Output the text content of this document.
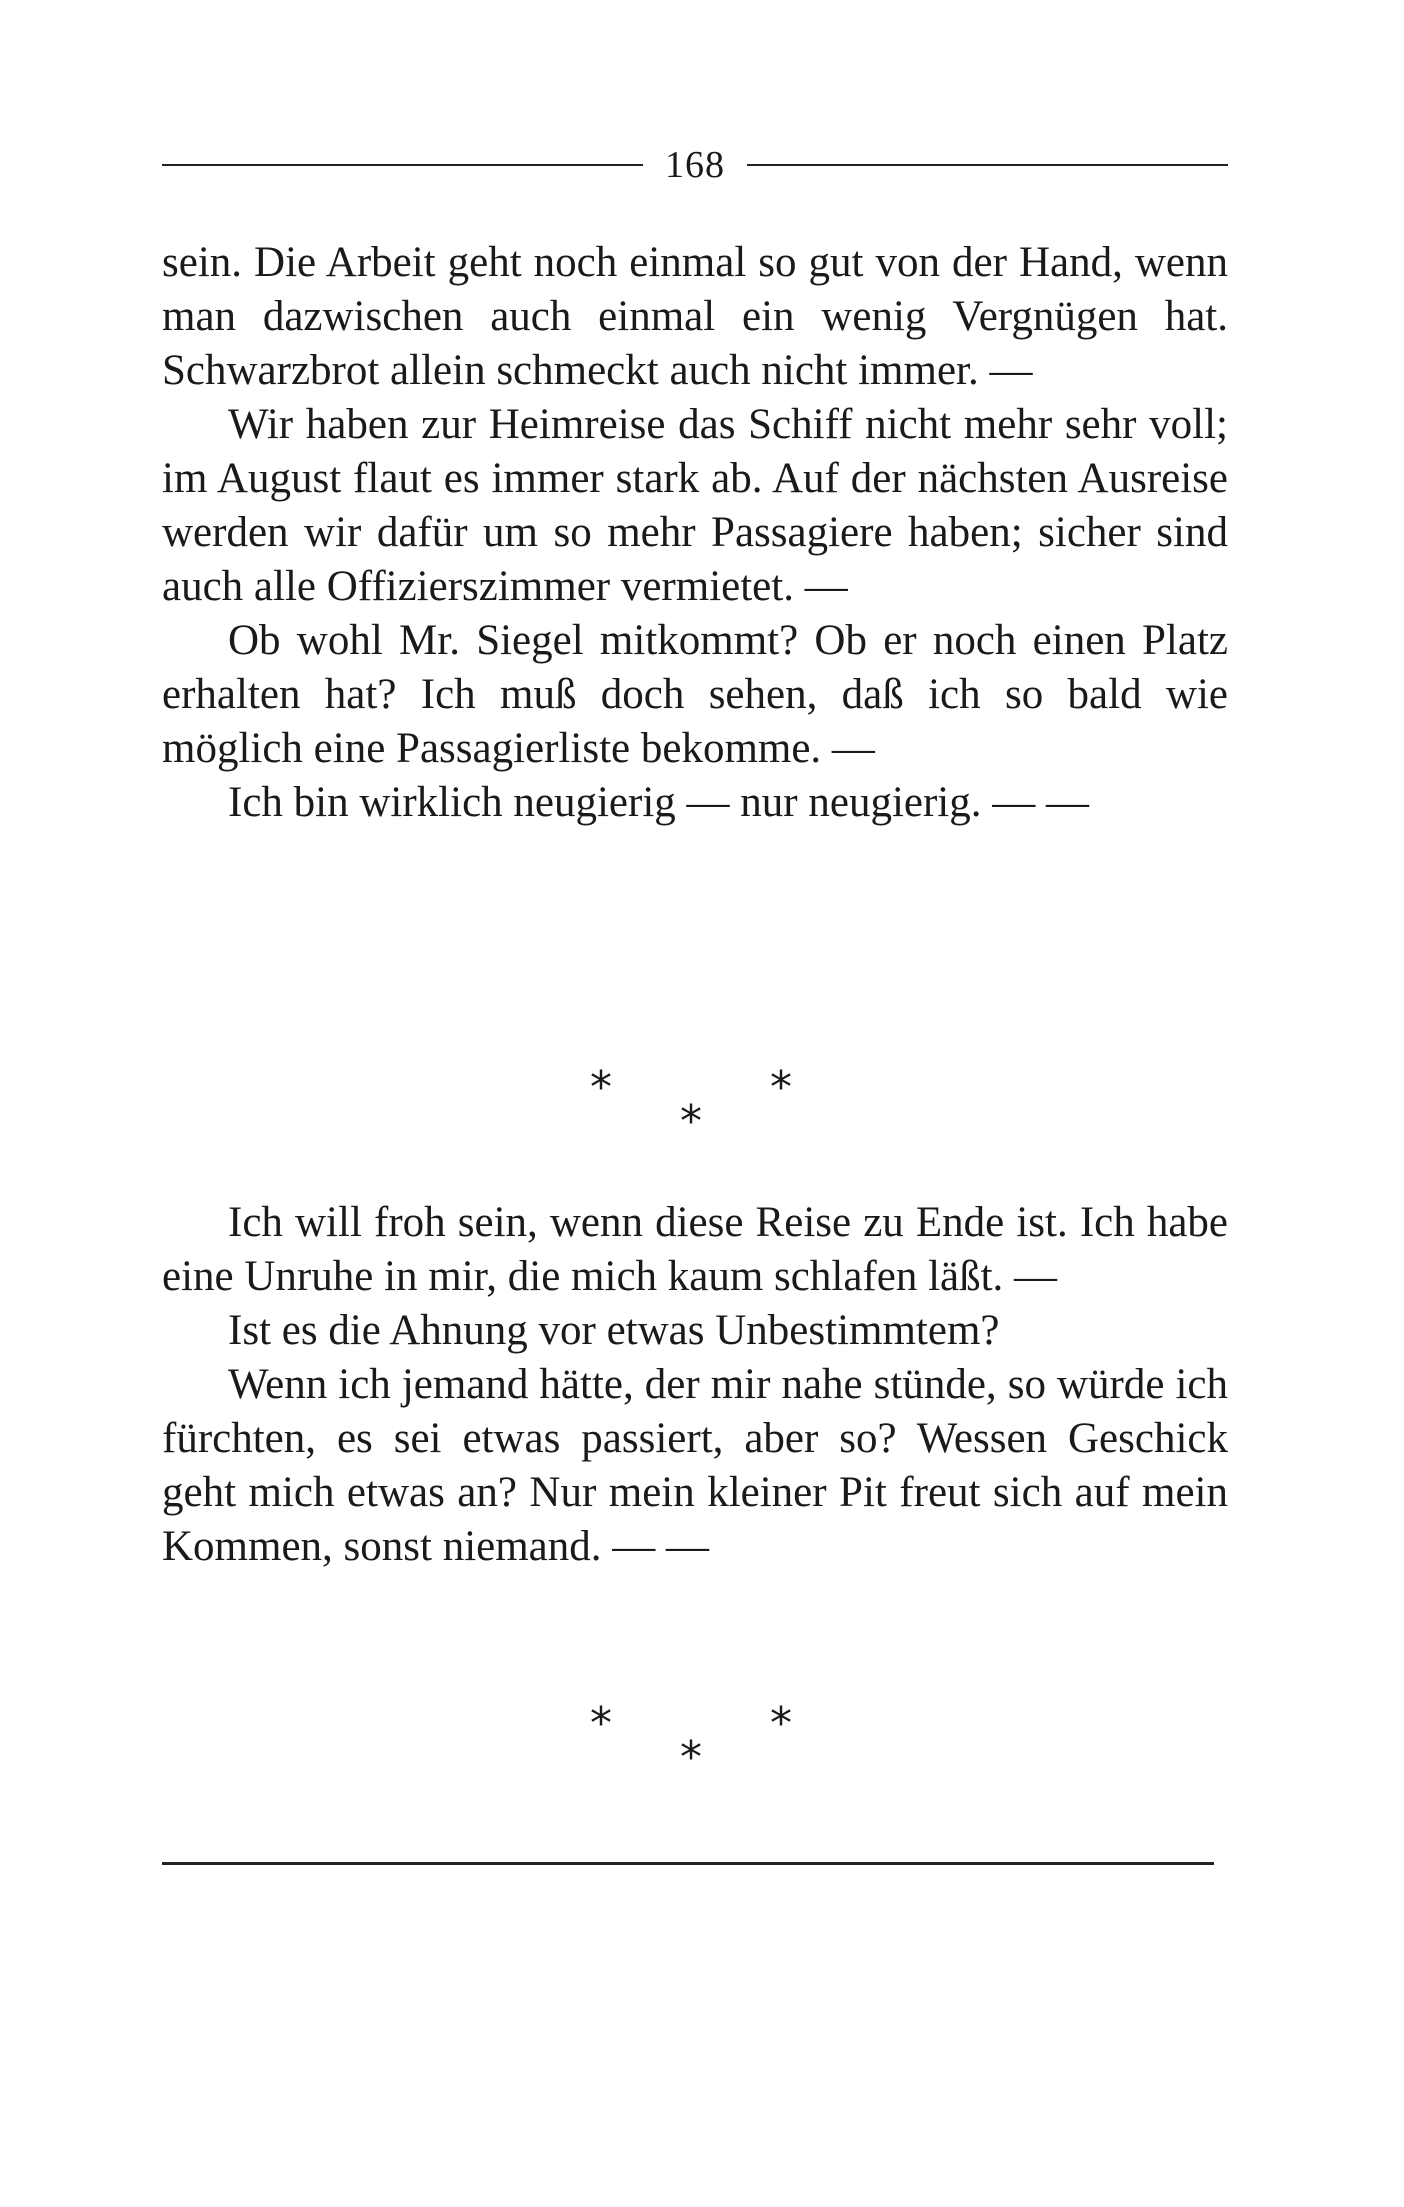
168

sein. Die Arbeit geht noch einmal so gut von der Hand, wenn man dazwischen auch einmal ein wenig Vergnügen hat. Schwarzbrot allein schmeckt auch nicht immer. —

Wir haben zur Heimreise das Schiff nicht mehr sehr voll; im August flaut es immer stark ab. Auf der nächsten Ausreise werden wir dafür um so mehr Passagiere haben; sicher sind auch alle Offizierszimmer vermietet. —

Ob wohl Mr. Siegel mitkommt? Ob er noch einen Platz erhalten hat? Ich muß doch sehen, daß ich so bald wie möglich eine Passagierliste bekomme. —

Ich bin wirklich neugierig — nur neugierig. — —

*	*
*

Ich will froh sein, wenn diese Reise zu Ende ist. Ich habe eine Unruhe in mir, die mich kaum schlafen läßt. —

Ist es die Ahnung vor etwas Unbestimmtem?

Wenn ich jemand hätte, der mir nahe stünde, so würde ich fürchten, es sei etwas passiert, aber so? Wessen Geschick geht mich etwas an? Nur mein kleiner Pit freut sich auf mein Kommen, sonst niemand. — —

*	*
*
